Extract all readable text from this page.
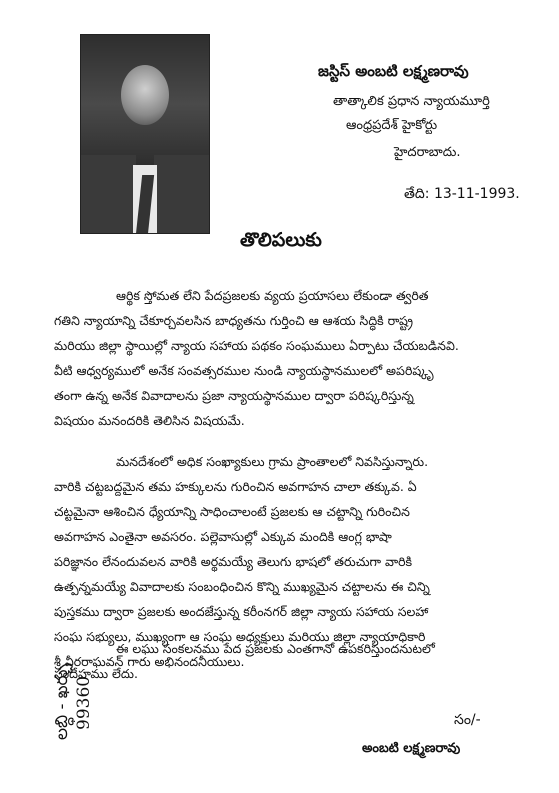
జస్టిస్ అంబటి లక్ష్మణరావు
తాత్కాలిక ప్రధాన న్యాయమూర్తి
ఆంధ్రప్రదేశ్ హైకోర్టు
హైదరాబాదు.
తేది: 13-11-1993.
తొలిపలుకు
ఆర్థిక స్తోమత లేని పేదప్రజలకు వ్యయ ప్రయాసలు లేకుండా త్వరిత
గతిని న్యాయాన్ని చేకూర్చవలసిన బాధ్యతను గుర్తించి ఆ ఆశయ సిద్ధికి రాష్ట్ర
మరియు జిల్లా స్థాయిల్లో న్యాయ సహాయ పథకం సంఘములు ఏర్పాటు చేయబడినవి.
వీటి ఆధ్వర్యములో అనేక సంవత్సరముల నుండి న్యాయస్థానములలో అపరిష్కృ
తంగా ఉన్న అనేక వివాదాలను ప్రజా న్యాయస్థానముల ద్వారా పరిష్కరిస్తున్న
విషయం మనందరికి తెలిసిన విషయమే.
మనదేశంలో అధిక సంఖ్యాకులు గ్రామ ప్రాంతాలలో నివసిస్తున్నారు.
వారికి చట్టబద్దమైన తమ హక్కులను గురించిన అవగాహన చాలా తక్కువ. ఏ
చట్టమైనా ఆశించిన ధ్యేయాన్ని సాధించాలంటే ప్రజలకు ఆ చట్టాన్ని గురించిన
అవగాహన ఎంతైనా అవసరం. పల్లెవాసుల్లో ఎక్కువ మందికి ఆంగ్ల భాషా
పరిజ్ఞానం లేనందువలన వారికి అర్థమయ్యే తెలుగు భాషలో తరుచుగా వారికి
ఉత్పన్నమయ్యే వివాదాలకు సంబంధించిన కొన్ని ముఖ్యమైన చట్టాలను ఈ చిన్ని
పుస్తకము ద్వారా ప్రజలకు అందజేస్తున్న కరీంనగర్ జిల్లా న్యాయ సహాయ సలహా
సంఘ సభ్యులు, ముఖ్యంగా ఆ సంఘ అధ్యక్షులు మరియు జిల్లా న్యాయాధికారి
శ్రీ వీరరాఘవన్ గారు అభినందనీయులు.
ఈ లఘు సంకలనము పేద ప్రజలకు ఎంతగానో ఉపకరిస్తుందనుటలో
సందేహము లేదు.
లబ్ధి - ఖర్చు 99360	సం/-
అంబటి లక్ష్మణరావు
